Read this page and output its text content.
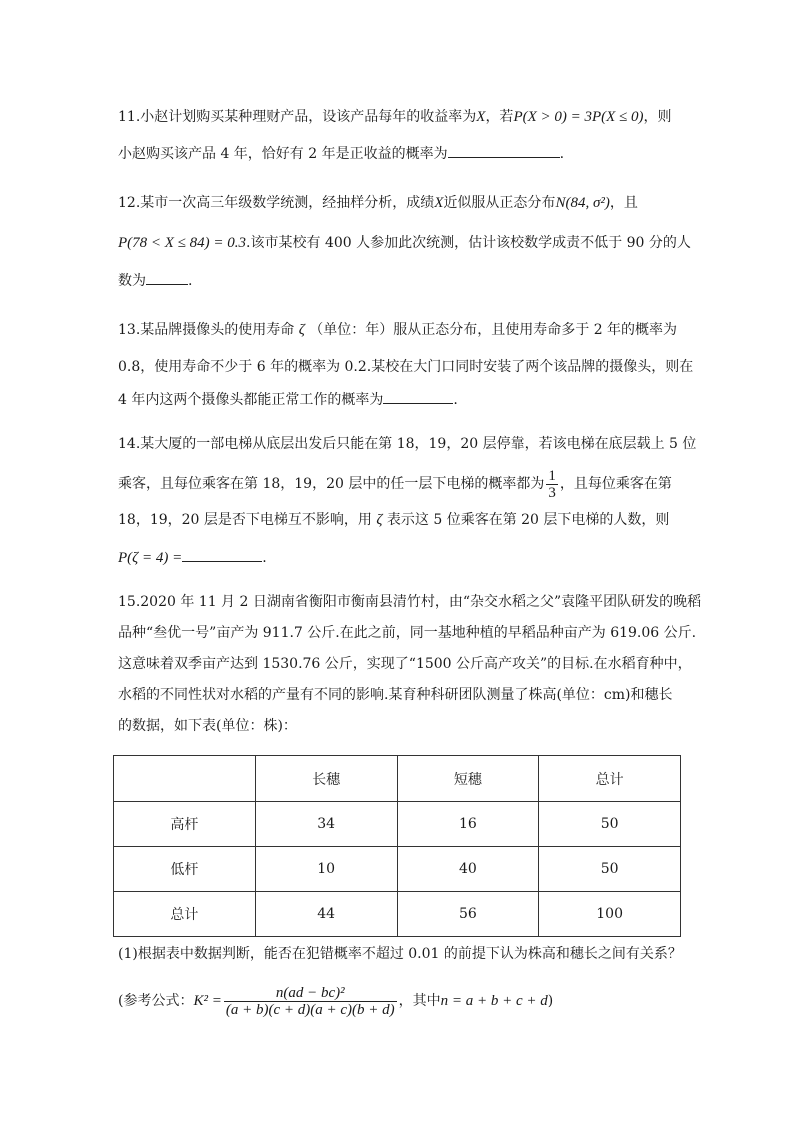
11.小赵计划购买某种理财产品，设该产品每年的收益率为X，若P(X > 0) = 3P(X ≤ 0)，则
小赵购买该产品 4 年，恰好有 2 年是正收益的概率为	.
12.某市一次高三年级数学统测，经抽样分析，成绩X近似服从正态分布N(84, σ²)，且
P(78 < X ≤ 84) = 0.3.该市某校有 400 人参加此次统测，估计该校数学成责不低于 90 分的人
数为	.
13.某品牌摄像头的使用寿命 ζ （单位：年）服从正态分布，且使用寿命多于 2 年的概率为
0.8，使用寿命不少于 6 年的概率为 0.2.某校在大门口同时安装了两个该品牌的摄像头，则在
4 年内这两个摄像头都能正常工作的概率为	.
14.某大厦的一部电梯从底层出发后只能在第 18，19，20 层停靠，若该电梯在底层载上 5 位
乘客，且每位乘客在第 18，19，20 层中的任一层下电梯的概率都为 $\frac{1}{3}$ ，且每位乘客在第
18，19，20 层是否下电梯互不影响，用 ζ 表示这 5 位乘客在第 20 层下电梯的人数，则
P(ζ = 4) =	.
15.2020 年 11 月 2 日湖南省衡阳市衡南县清竹村，由“杂交水稻之父”袁隆平团队研发的晚稻
品种“叁优一号”亩产为 911.7 公斤.在此之前，同一基地种植的早稻品种亩产为 619.06 公斤.
这意味着双季亩产达到 1530.76 公斤，实现了“1500 公斤高产攻关”的目标.在水稻育种中，
水稻的不同性状对水稻的产量有不同的影响.某育种科研团队测量了株高(单位：cm)和穗长
的数据，如下表(单位：株)：
	长穗	短穗	总计
高杆	34	16	50
低杆	10	40	50
总计	44	56	100
(1)根据表中数据判断，能否在犯错概率不超过 0.01 的前提下认为株高和穗长之间有关系？
(参考公式：$K^2 = \frac{\text{n(ad − bc)²}}{(a + b)(c + d)(a + c)(b + d)}$ ，其中n = a + b + c + d)
